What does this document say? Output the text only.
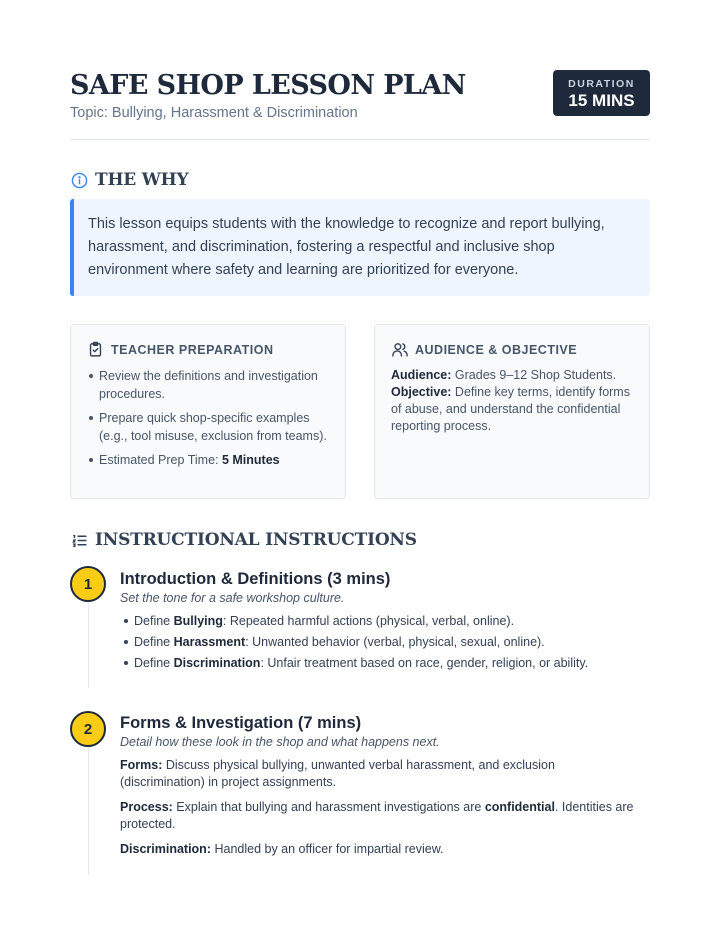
SAFE SHOP LESSON PLAN
Topic: Bullying, Harassment & Discrimination
DURATION
15 MINS
THE WHY
This lesson equips students with the knowledge to recognize and report bullying, harassment, and discrimination, fostering a respectful and inclusive shop environment where safety and learning are prioritized for everyone.
TEACHER PREPARATION
Review the definitions and investigation procedures.
Prepare quick shop-specific examples (e.g., tool misuse, exclusion from teams).
Estimated Prep Time: 5 Minutes
AUDIENCE & OBJECTIVE

Audience: Grades 9–12 Shop Students.
Objective: Define key terms, identify forms of abuse, and understand the confidential reporting process.

INSTRUCTIONAL INSTRUCTIONS
1	Introduction & Definitions (3 mins)
Set the tone for a safe workshop culture.
Define Bullying: Repeated harmful actions (physical, verbal, online).
Define Harassment: Unwanted behavior (verbal, physical, sexual, online).
Define Discrimination: Unfair treatment based on race, gender, religion, or ability.
2	Forms & Investigation (7 mins)
Detail how these look in the shop and what happens next.

Forms: Discuss physical bullying, unwanted verbal harassment, and exclusion (discrimination) in project assignments.

Process: Explain that bullying and harassment investigations are confidential. Identities are protected.

Discrimination: Handled by an officer for impartial review.
